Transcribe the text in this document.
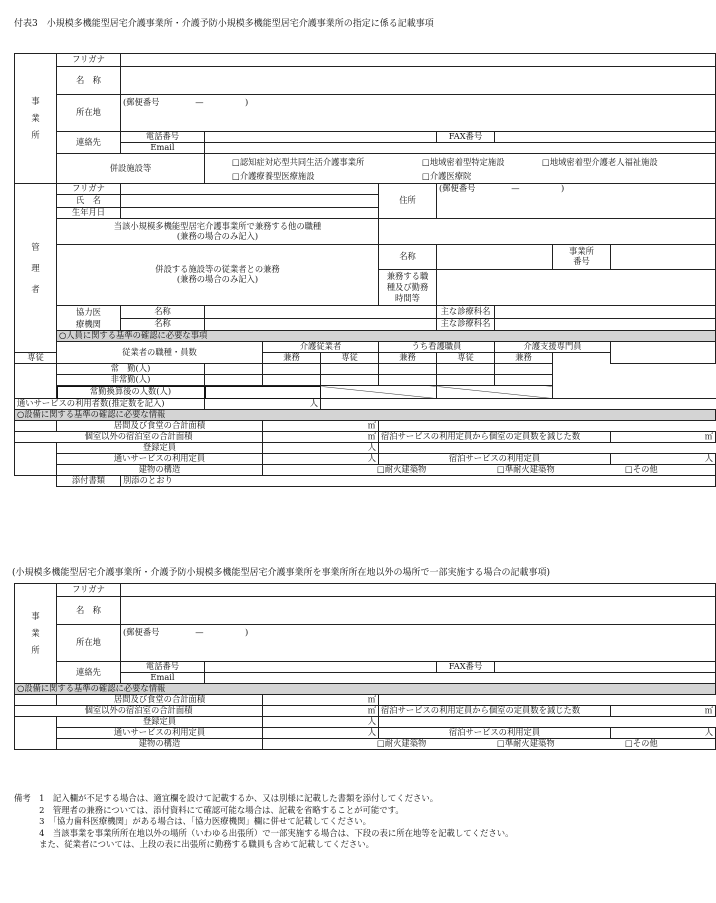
付表3　小規模多機能型居宅介護事業所・介護予防小規模多機能型居宅介護事業所の指定に係る記載事項
事
業
所	フリガナ									
	名　称									
	所在地	(郵便番号　　　　 —　　　　　)								
	連絡先	電話番号					FAX番号			
		Email								
	併設施設等		□認知症対応型共同生活介護事業所 □地域密着型特定施設 □地域密着型介護老人福祉施設
□介護療養型医療施設 □介護医療院							

管
理
者	フリガナ					住所	(郵便番号　　　　 —　　　　　)			
	氏　名									
	生年月日									
	当該小規模多機能型居宅介護事業所で兼務する他の職種
(兼務の場合のみ記入)									
	併設する施設等の従業者との兼務
(兼務の場合のみ記入)					名称			事業所
番号	
						兼務する職
種及び勤務
時間等				
	協力医
療機関	名称					主な診療科名			
		名称					主な診療科名			
	○人員に関する基準の確認に必要な事項									
	従業者の職種・員数			介護従業者		うち看護職員		介護支援専門員		
専従				兼務	専従	兼務	専従	兼務		
	常　勤(人)									
	非常勤(人)									
	常勤換算後の人数(人)									
通いサービスの利用者数(推定数を記入)			人							
○設備に関する基準の確認に必要な情報										
	居間及び食堂の合計面積			㎡						
個室以外の宿泊室の合計面積				㎡		宿泊サービスの利用定員から個室の定員数を減じた数				㎡
	登録定員			人						
	通いサービスの利用定員			人		宿泊サービスの利用定員				人
	建物の構造			□耐火建築物 □準耐火建築物 □その他						
	添付書類	別添のとおり								
(小規模多機能型居宅介護事業所・介護予防小規模多機能型居宅介護事業所を事業所所在地以外の場所で一部実施する場合の記載事項)
事
業
所	フリガナ							
	名　称							
	所在地	(郵便番号　　　　 —　　　　　)						
	連絡先	電話番号				FAX番号		
		Email						
○設備に関する基準の確認に必要な情報								
	居間及び食堂の合計面積			㎡				
個室以外の宿泊室の合計面積				㎡	宿泊サービスの利用定員から個室の定員数を減じた数			㎡
	登録定員			人				
	通いサービスの利用定員			人	宿泊サービスの利用定員			人
	建物の構造			□耐火建築物 □準耐火建築物 □その他				
備考　1　記入欄が不足する場合は、適宜欄を設けて記載するか、又は別様に記載した書類を添付してください。
　　　2　管理者の兼務については、添付資料にて確認可能な場合は、記載を省略することが可能です。
　　　3　「協力歯科医療機関」がある場合は、「協力医療機関」欄に併せて記載してください。
　　　4　当該事業を事業所所在地以外の場所（いわゆる出張所）で一部実施する場合は、下段の表に所在地等を記載してください。
　　　また、従業者については、上段の表に出張所に勤務する職員も含めて記載してください。
